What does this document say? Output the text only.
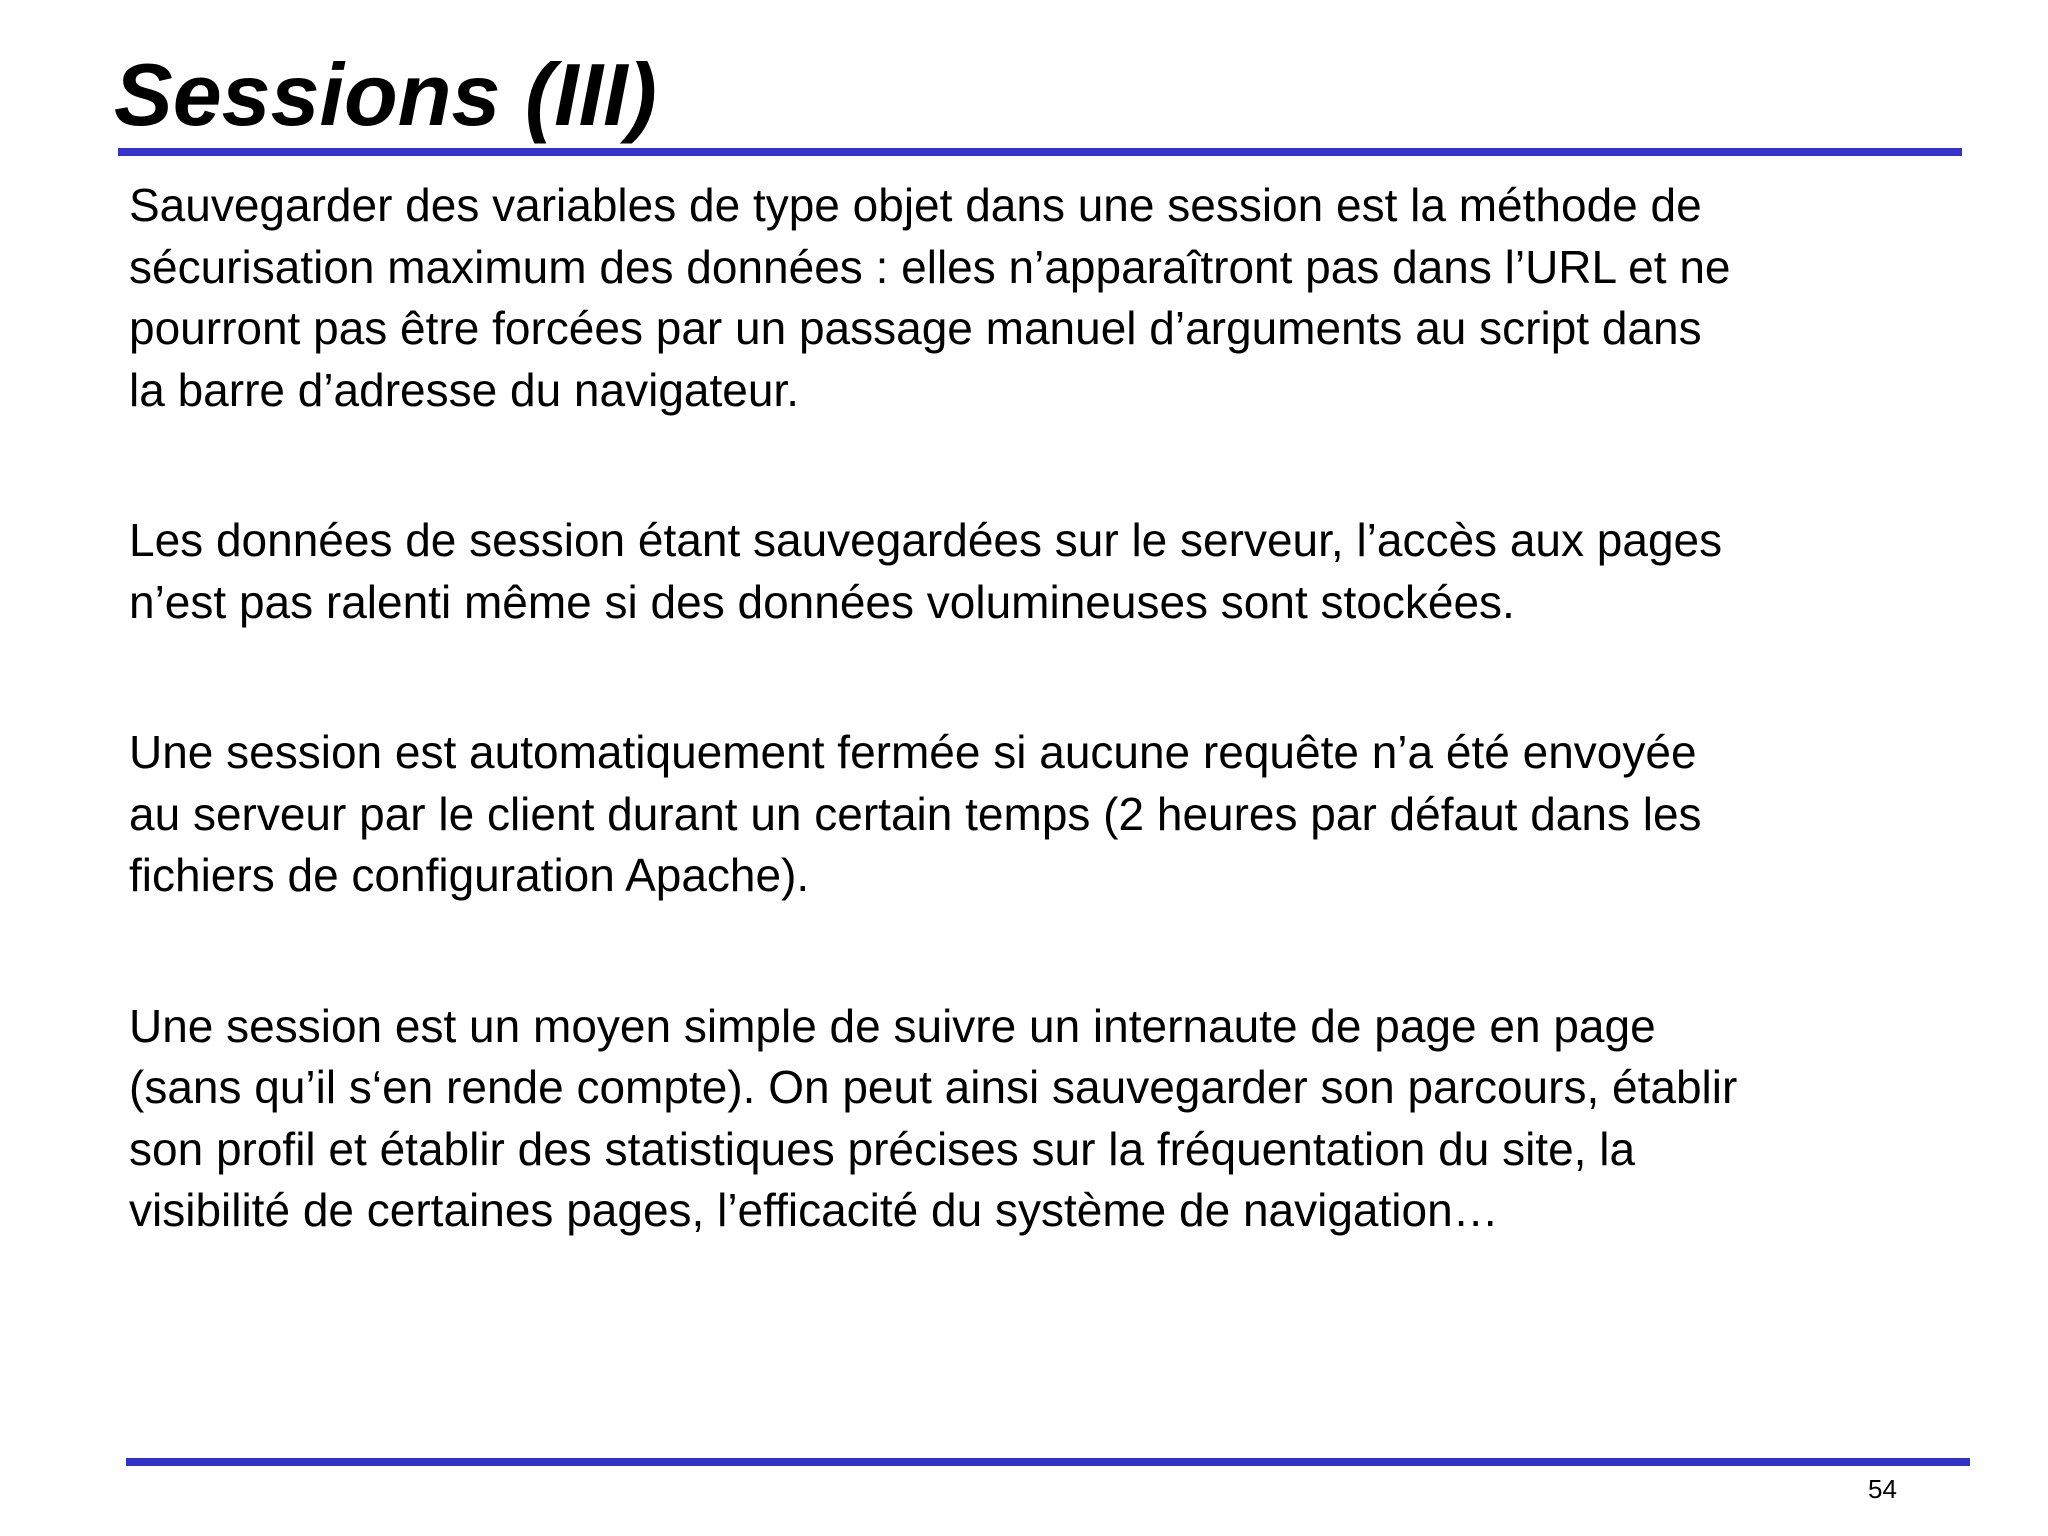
Sessions (III)

Sauvegarder des variables de type objet dans une session est la méthode de
sécurisation maximum des données : elles n’apparaîtront pas dans l’URL et ne
pourront pas être forcées par un passage manuel d’arguments au script dans
la barre d’adresse du navigateur.

Les données de session étant sauvegardées sur le serveur, l’accès aux pages
n’est pas ralenti même si des données volumineuses sont stockées.

Une session est automatiquement fermée si aucune requête n’a été envoyée
au serveur par le client durant un certain temps (2 heures par défaut dans les
fichiers de configuration Apache).

Une session est un moyen simple de suivre un internaute de page en page
(sans qu’il s‘en rende compte). On peut ainsi sauvegarder son parcours, établir
son profil et établir des statistiques précises sur la fréquentation du site, la
visibilité de certaines pages, l’efficacité du système de navigation…

54
